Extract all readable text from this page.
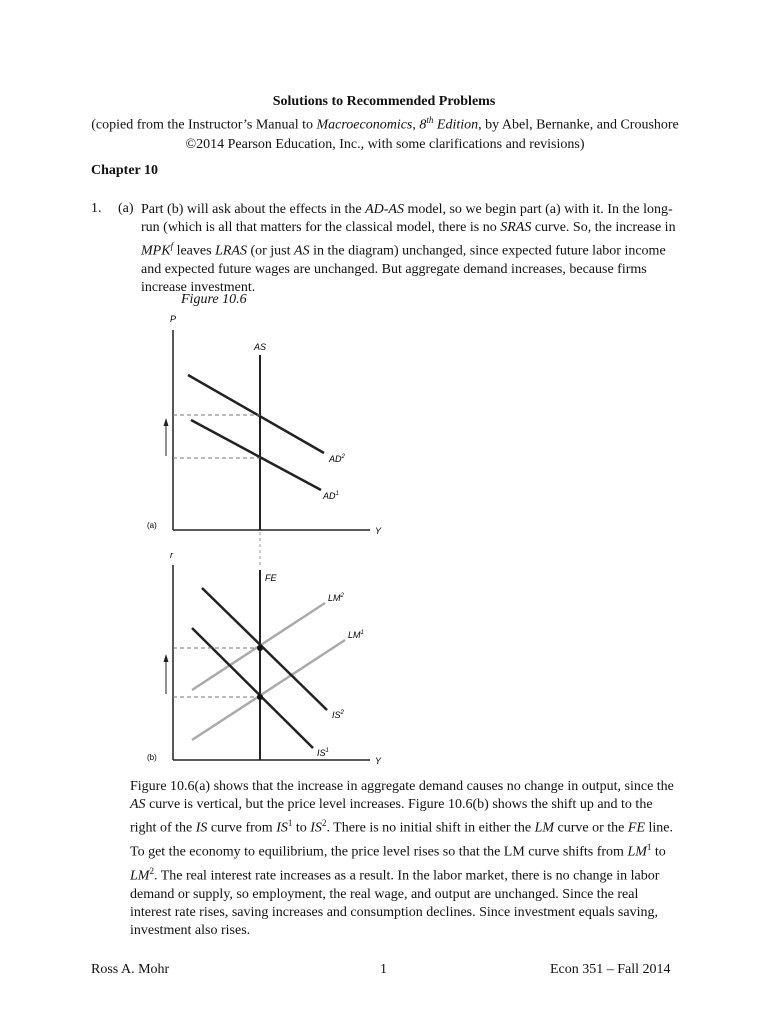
Solutions to Recommended Problems
(copied from the Instructor’s Manual to Macroeconomics, 8th Edition, by Abel, Bernanke, and Croushore ©2014 Pearson Education, Inc., with some clarifications and revisions)
Chapter 10
1. (a) Part (b) will ask about the effects in the AD-AS model, so we begin part (a) with it. In the long-run (which is all that matters for the classical model, there is no SRAS curve. So, the increase in MPK$^f$ leaves LRAS (or just AS in the diagram) unchanged, since expected future labor income and expected future wages are unchanged. But aggregate demand increases, because firms increase investment.
Figure 10.6
P
Y
(a)
AS
$AD^2$
$AD^1$
r
Y
(b)
FE
$LM^2$
$LM^1$
$IS^2$
$IS^1$
Figure 10.6(a) shows that the increase in aggregate demand causes no change in output, since the AS curve is vertical, but the price level increases. Figure 10.6(b) shows the shift up and to the right of the IS curve from $IS^1$ to $IS^2$. There is no initial shift in either the LM curve or the FE line. To get the economy to equilibrium, the price level rises so that the LM curve shifts from $LM^1$ to $LM^2$. The real interest rate increases as a result. In the labor market, there is no change in labor demand or supply, so employment, the real wage, and output are unchanged. Since the real interest rate rises, saving increases and consumption declines. Since investment equals saving, investment also rises.
Ross A. Mohr	1	Econ 351 – Fall 2014
